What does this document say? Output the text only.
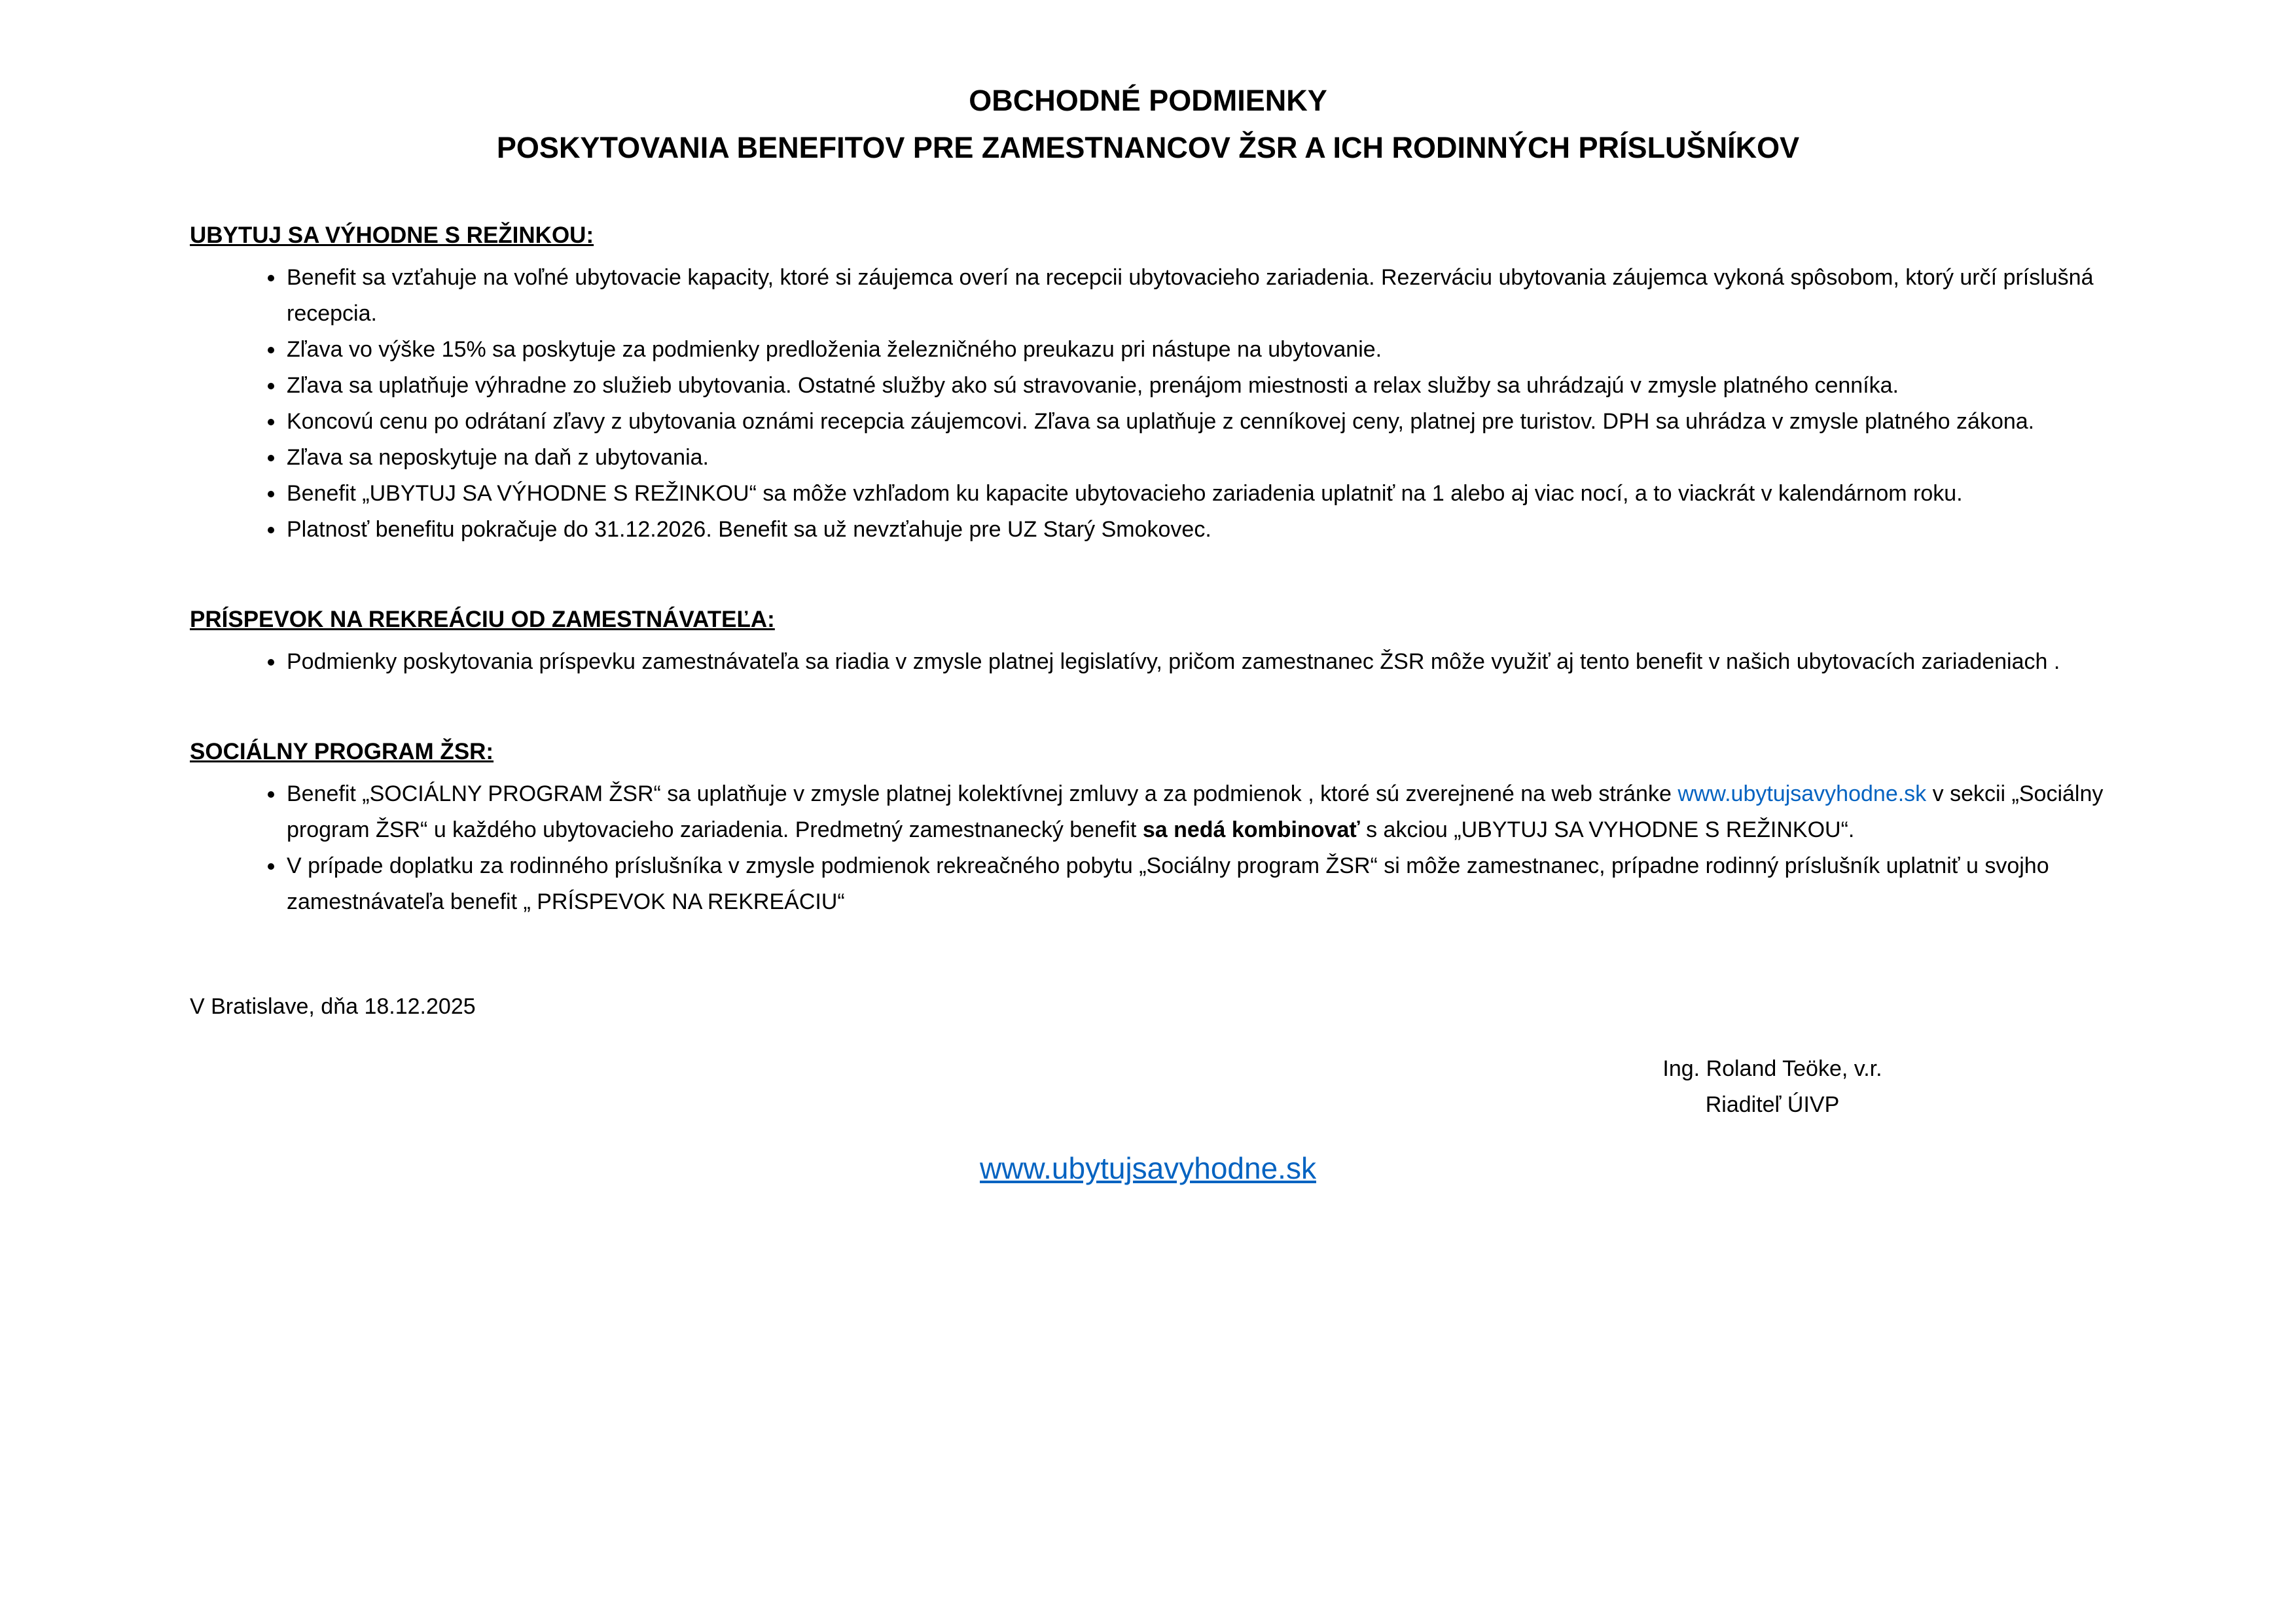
OBCHODNÉ PODMIENKY
POSKYTOVANIA BENEFITOV PRE ZAMESTNANCOV ŽSR A ICH RODINNÝCH PRÍSLUŠNÍKOV
UBYTUJ SA VÝHODNE S REŽINKOU:
• Benefit sa vzťahuje na voľné ubytovacie kapacity, ktoré si záujemca overí na recepcii ubytovacieho zariadenia. Rezerváciu ubytovania záujemca vykoná spôsobom, ktorý určí príslušná recepcia.
• Zľava vo výške 15% sa poskytuje za podmienky predloženia železničného preukazu pri nástupe na ubytovanie.
• Zľava sa uplatňuje výhradne zo služieb ubytovania. Ostatné služby ako sú stravovanie, prenájom miestnosti a relax služby sa uhrádzajú v zmysle platného cenníka.
• Koncovú cenu po odrátaní zľavy z ubytovania oznámi recepcia záujemcovi. Zľava sa uplatňuje z cenníkovej ceny, platnej pre turistov. DPH sa uhrádza v zmysle platného zákona.
• Zľava sa neposkytuje na daň z ubytovania.
• Benefit „UBYTUJ SA VÝHODNE S REŽINKOU“ sa môže vzhľadom ku kapacite ubytovacieho zariadenia uplatniť na 1 alebo aj viac nocí, a to viackrát v kalendárnom roku.
• Platnosť benefitu pokračuje do 31.12.2026. Benefit sa už nevzťahuje pre UZ Starý Smokovec.
PRÍSPEVOK NA REKREÁCIU OD ZAMESTNÁVATEĽA:
• Podmienky poskytovania príspevku zamestnávateľa sa riadia v zmysle platnej legislatívy, pričom zamestnanec ŽSR môže využiť aj tento benefit v našich ubytovacích zariadeniach .
SOCIÁLNY PROGRAM ŽSR:
• Benefit „SOCIÁLNY PROGRAM ŽSR“ sa uplatňuje v zmysle platnej kolektívnej zmluvy a za podmienok , ktoré sú zverejnené na web stránke www.ubytujsavyhodne.sk v sekcii „Sociálny program ŽSR“ u každého ubytovacieho zariadenia. Predmetný zamestnanecký benefit sa nedá kombinovať s akciou „UBYTUJ SA VYHODNE S REŽINKOU“.
• V prípade doplatku za rodinného príslušníka v zmysle podmienok rekreačného pobytu „Sociálny program ŽSR“ si môže zamestnanec, prípadne rodinný príslušník uplatniť u svojho zamestnávateľa benefit „ PRÍSPEVOK NA REKREÁCIU“
V Bratislave, dňa 18.12.2025
Ing. Roland Teöke, v.r.
Riaditeľ ÚIVP
www.ubytujsavyhodne.sk
